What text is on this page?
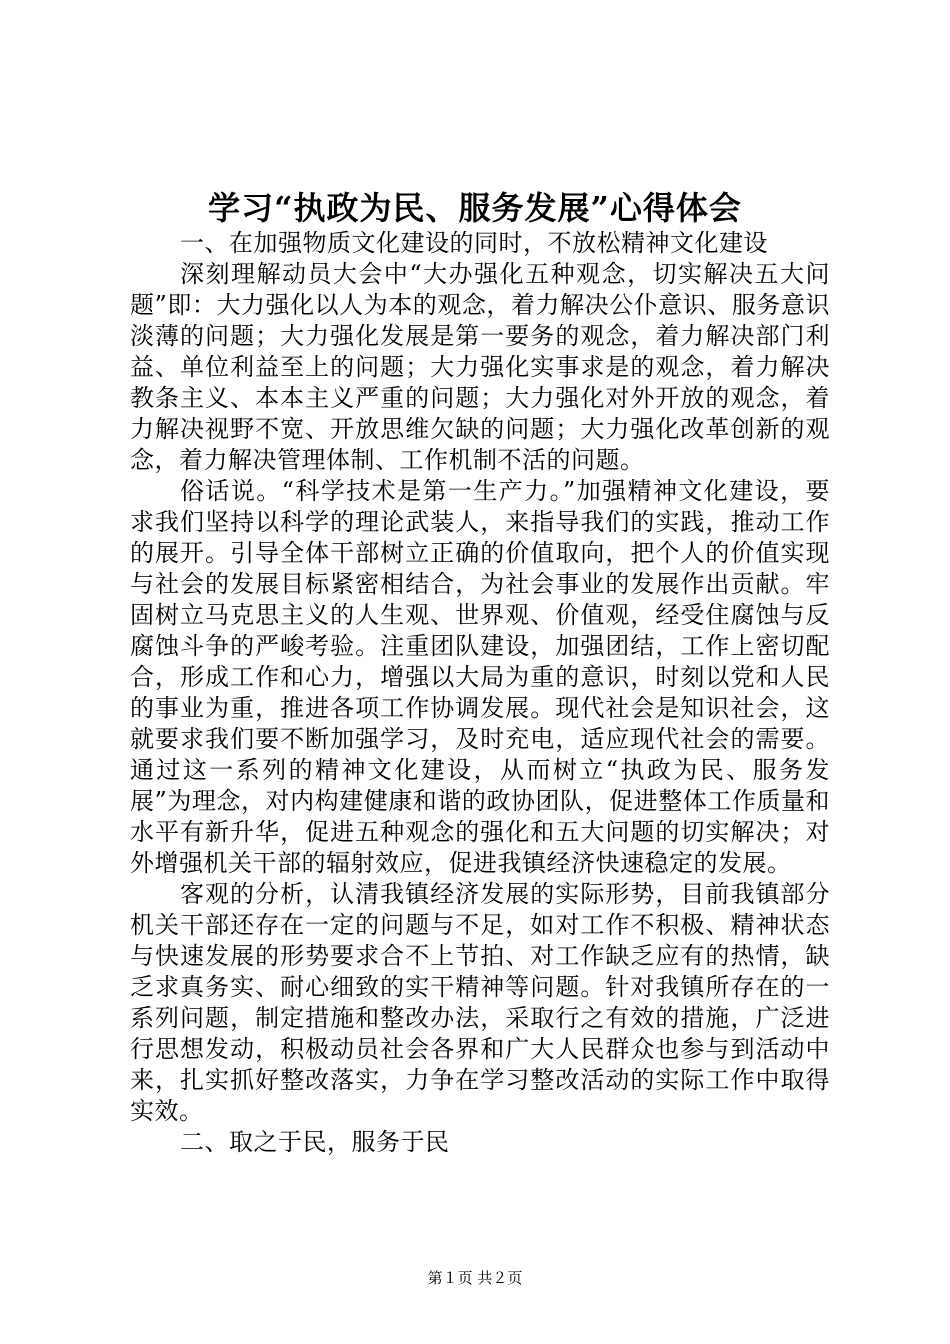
学习“执政为民、服务发展”心得体会

一、在加强物质文化建设的同时，不放松精神文化建设

深刻理解动员大会中“大办强化五种观念，切实解决五大问题”即：大力强化以人为本的观念，着力解决公仆意识、服务意识淡薄的问题；大力强化发展是第一要务的观念，着力解决部门利益、单位利益至上的问题；大力强化实事求是的观念，着力解决教条主义、本本主义严重的问题；大力强化对外开放的观念，着力解决视野不宽、开放思维欠缺的问题；大力强化改革创新的观念，着力解决管理体制、工作机制不活的问题。

俗话说。“科学技术是第一生产力。”加强精神文化建设，要求我们坚持以科学的理论武装人，来指导我们的实践，推动工作的展开。引导全体干部树立正确的价值取向，把个人的价值实现与社会的发展目标紧密相结合，为社会事业的发展作出贡献。牢固树立马克思主义的人生观、世界观、价值观，经受住腐蚀与反腐蚀斗争的严峻考验。注重团队建设，加强团结，工作上密切配合，形成工作和心力，增强以大局为重的意识，时刻以党和人民的事业为重，推进各项工作协调发展。现代社会是知识社会，这就要求我们要不断加强学习，及时充电，适应现代社会的需要。通过这一系列的精神文化建设，从而树立“执政为民、服务发展”为理念，对内构建健康和谐的政协团队，促进整体工作质量和水平有新升华，促进五种观念的强化和五大问题的切实解决；对外增强机关干部的辐射效应，促进我镇经济快速稳定的发展。

客观的分析，认清我镇经济发展的实际形势，目前我镇部分机关干部还存在一定的问题与不足，如对工作不积极、精神状态与快速发展的形势要求合不上节拍、对工作缺乏应有的热情，缺乏求真务实、耐心细致的实干精神等问题。针对我镇所存在的一系列问题，制定措施和整改办法，采取行之有效的措施，广泛进行思想发动，积极动员社会各界和广大人民群众也参与到活动中来，扎实抓好整改落实，力争在学习整改活动的实际工作中取得实效。

二、取之于民，服务于民

第１页 共２页
